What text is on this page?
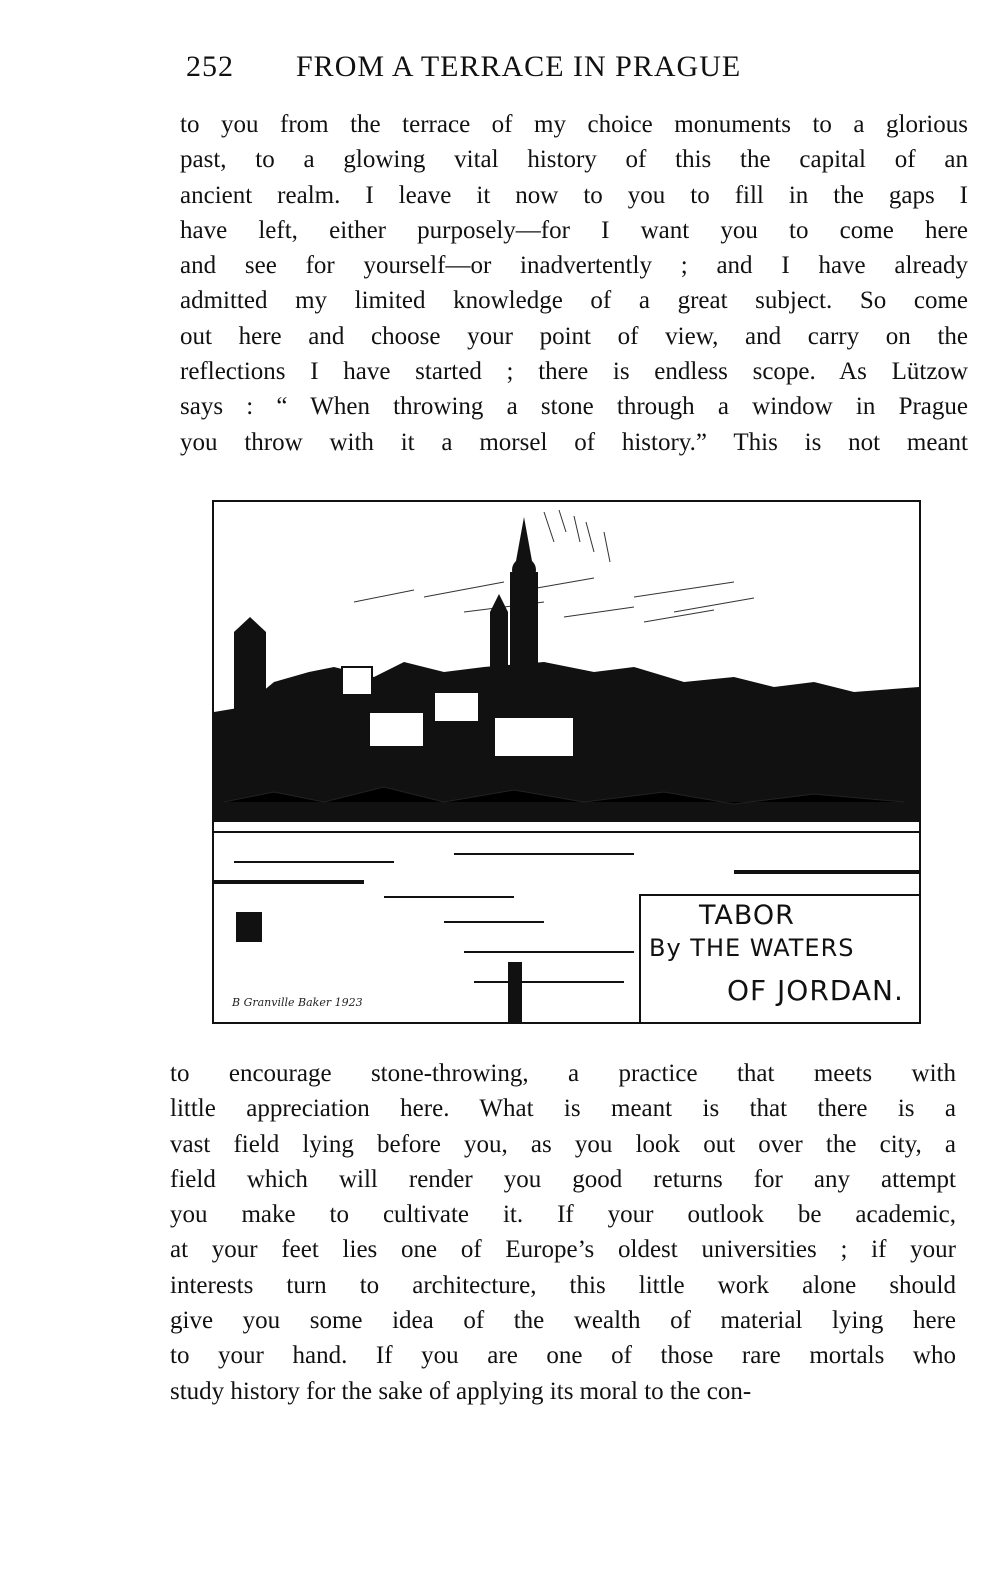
252 FROM A TERRACE IN PRAGUE
to you from the terrace of my choice monuments to a glorious
past, to a glowing vital history of this the capital of an
ancient realm. I leave it now to you to fill in the gaps I
have left, either purposely—for I want you to come here
and see for yourself—or inadvertently ; and I have already
admitted my limited knowledge of a great subject. So come
out here and choose your point of view, and carry on the
reflections I have started ; there is endless scope. As Lützow
says : “ When throwing a stone through a window in Prague
you throw with it a morsel of history.” This is not meant
TABOR
By THE WATERS
OF JORDAN.
B Granville Baker 1923
to encourage stone-throwing, a practice that meets with
little appreciation here. What is meant is that there is a
vast field lying before you, as you look out over the city, a
field which will render you good returns for any attempt
you make to cultivate it. If your outlook be academic,
at your feet lies one of Europe’s oldest universities ; if your
interests turn to architecture, this little work alone should
give you some idea of the wealth of material lying here
to your hand. If you are one of those rare mortals who
study history for the sake of applying its moral to the con-
